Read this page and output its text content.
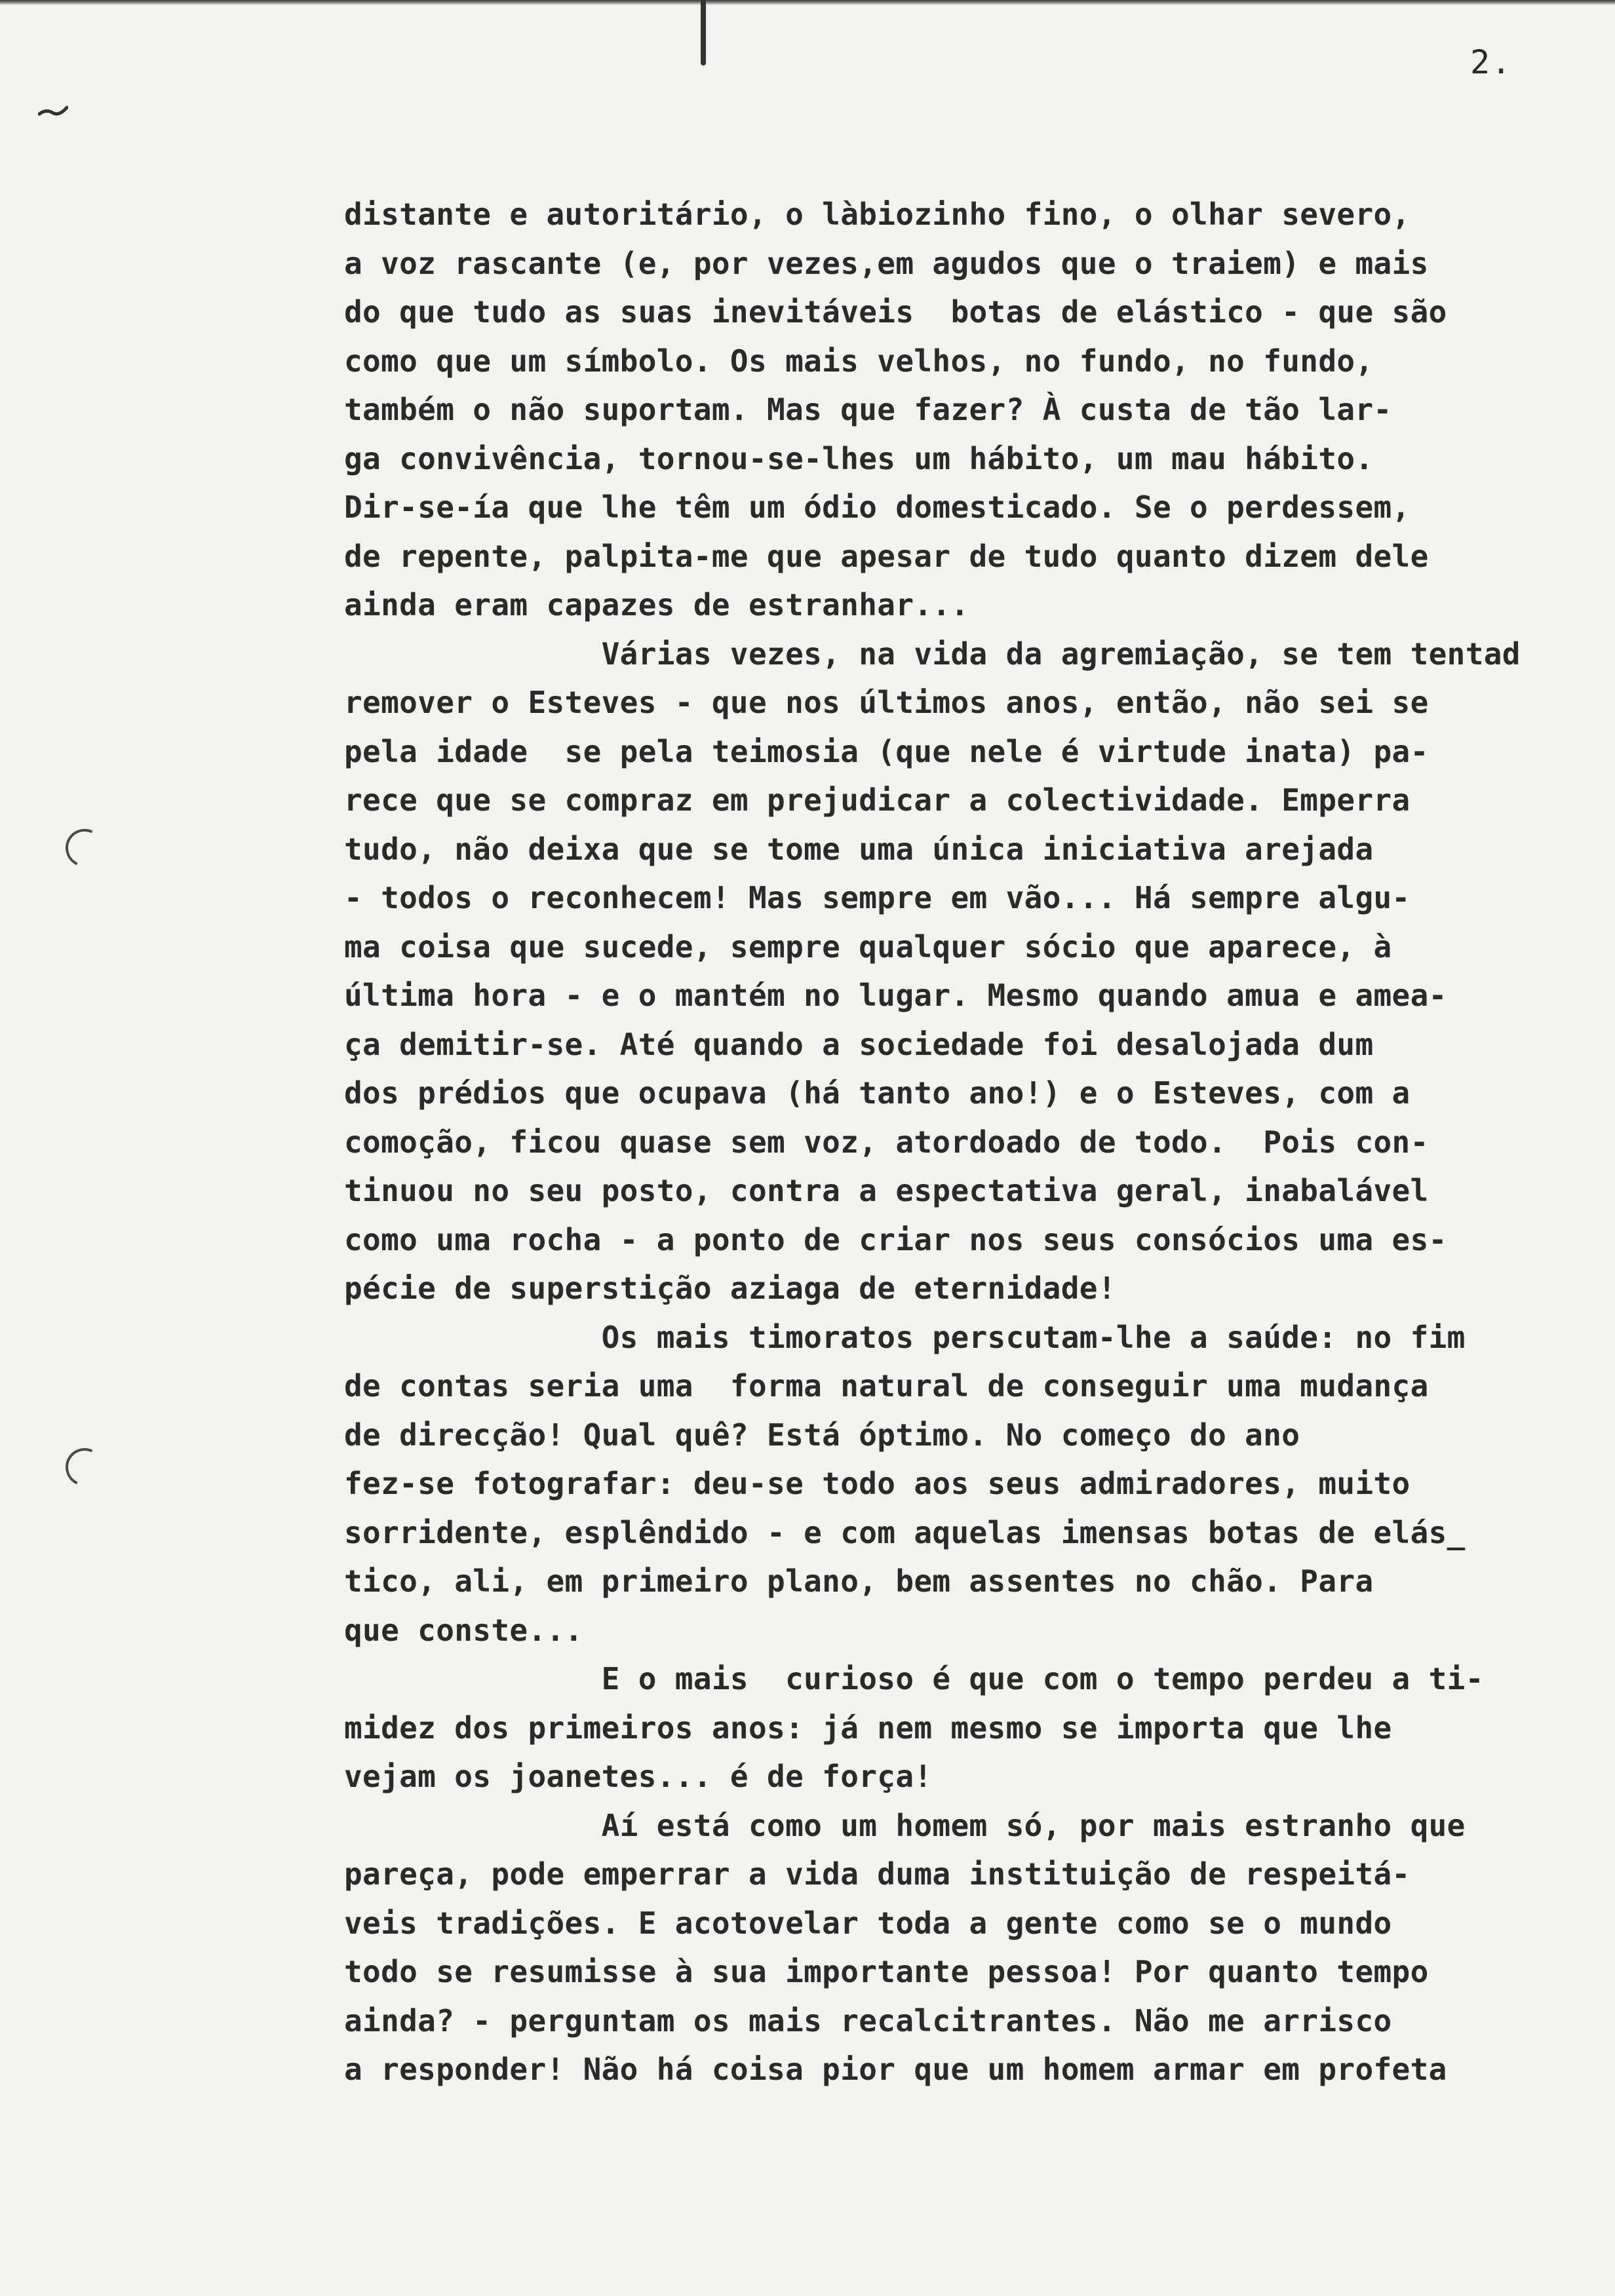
2.
distante e autoritário, o làbiozinho fino, o olhar severo,
a voz rascante (e, por vezes,em agudos que o traiem) e mais
do que tudo as suas inevitáveis  botas de elástico - que são
como que um símbolo. Os mais velhos, no fundo, no fundo,
também o não suportam. Mas que fazer? À custa de tão lar-
ga convivência, tornou-se-lhes um hábito, um mau hábito.
Dir-se-ía que lhe têm um ódio domesticado. Se o perdessem,
de repente, palpita-me que apesar de tudo quanto dizem dele
ainda eram capazes de estranhar...
Várias vezes, na vida da agremiação, se tem tentad
remover o Esteves - que nos últimos anos, então, não sei se
pela idade  se pela teimosia (que nele é virtude inata) pa-
rece que se compraz em prejudicar a colectividade. Emperra
tudo, não deixa que se tome uma única iniciativa arejada
- todos o reconhecem! Mas sempre em vão... Há sempre algu-
ma coisa que sucede, sempre qualquer sócio que aparece, à
última hora - e o mantém no lugar. Mesmo quando amua e amea-
ça demitir-se. Até quando a sociedade foi desalojada dum
dos prédios que ocupava (há tanto ano!) e o Esteves, com a
comoção, ficou quase sem voz, atordoado de todo.  Pois con-
tinuou no seu posto, contra a espectativa geral, inabalável
como uma rocha - a ponto de criar nos seus consócios uma es-
pécie de superstição aziaga de eternidade!
Os mais timoratos perscutam-lhe a saúde: no fim
de contas seria uma  forma natural de conseguir uma mudança
de direcção! Qual quê? Está óptimo. No começo do ano
fez-se fotografar: deu-se todo aos seus admiradores, muito
sorridente, esplêndido - e com aquelas imensas botas de elás_
tico, ali, em primeiro plano, bem assentes no chão. Para
que conste...
E o mais  curioso é que com o tempo perdeu a ti-
midez dos primeiros anos: já nem mesmo se importa que lhe
vejam os joanetes... é de força!
Aí está como um homem só, por mais estranho que
pareça, pode emperrar a vida duma instituição de respeitá-
veis tradições. E acotovelar toda a gente como se o mundo
todo se resumisse à sua importante pessoa! Por quanto tempo
ainda? - perguntam os mais recalcitrantes. Não me arrisco
a responder! Não há coisa pior que um homem armar em profeta
